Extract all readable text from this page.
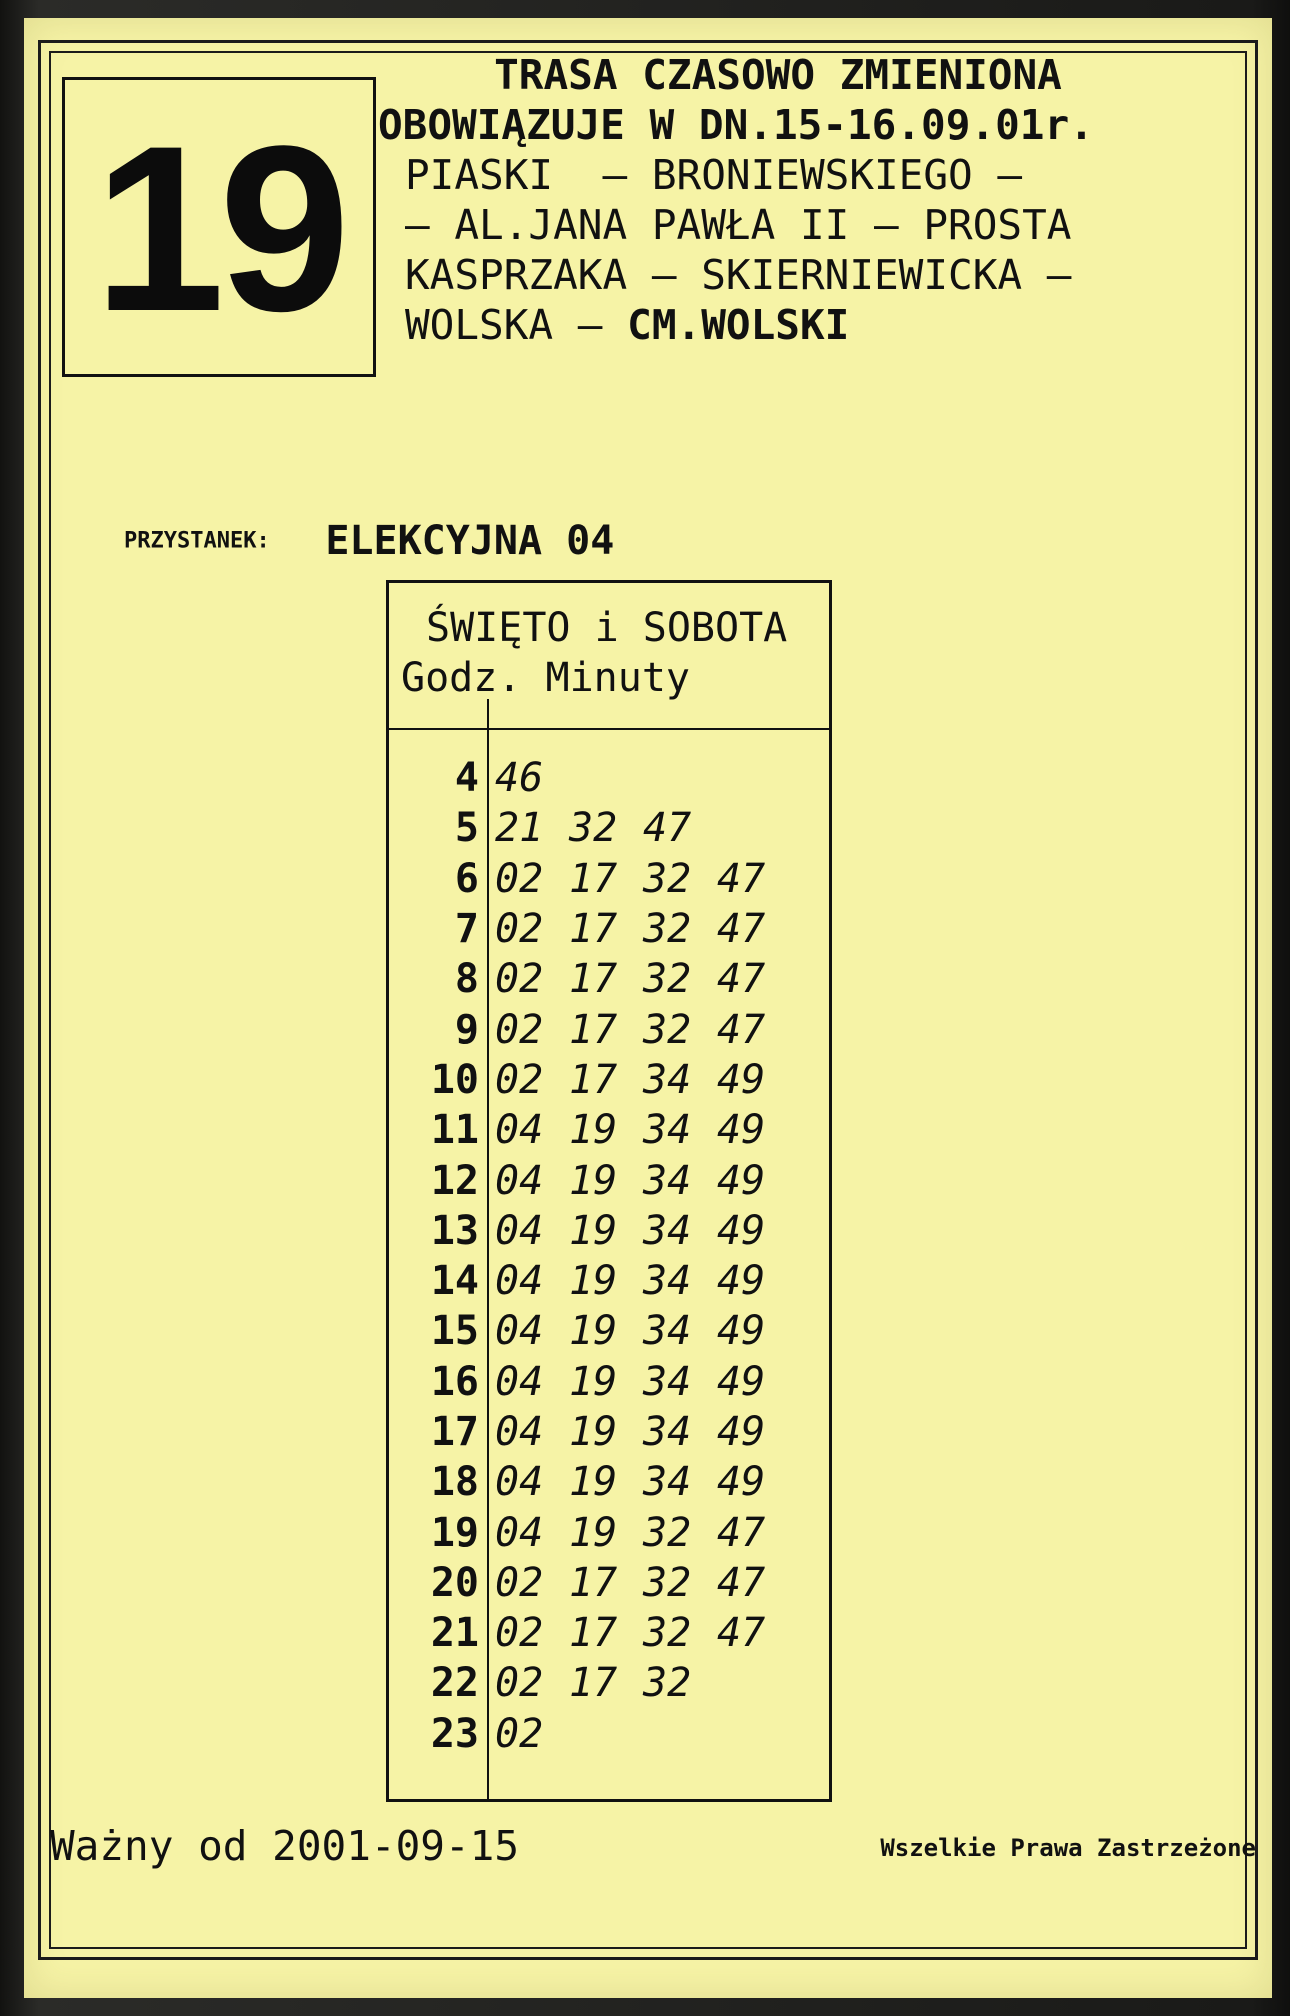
19
TRASA CZASOWO ZMIENIONA
OBOWIĄZUJE W DN.15-16.09.01r.
PIASKI  – BRONIEWSKIEGO –
– AL.JANA PAWŁA II – PROSTA
KASPRZAKA – SKIERNIEWICKA –
WOLSKA – CM.WOLSKI
PRZYSTANEK: ELEKCYJNA 04
ŚWIĘTO i SOBOTA
Godz. Minuty
4 46
5 21 32 47
6 02 17 32 47
7 02 17 32 47
8 02 17 32 47
9 02 17 32 47
10 02 17 34 49
11 04 19 34 49
12 04 19 34 49
13 04 19 34 49
14 04 19 34 49
15 04 19 34 49
16 04 19 34 49
17 04 19 34 49
18 04 19 34 49
19 04 19 32 47
20 02 17 32 47
21 02 17 32 47
22 02 17 32
23 02
Ważny od 2001-09-15	Wszelkie Prawa Zastrzeżone
